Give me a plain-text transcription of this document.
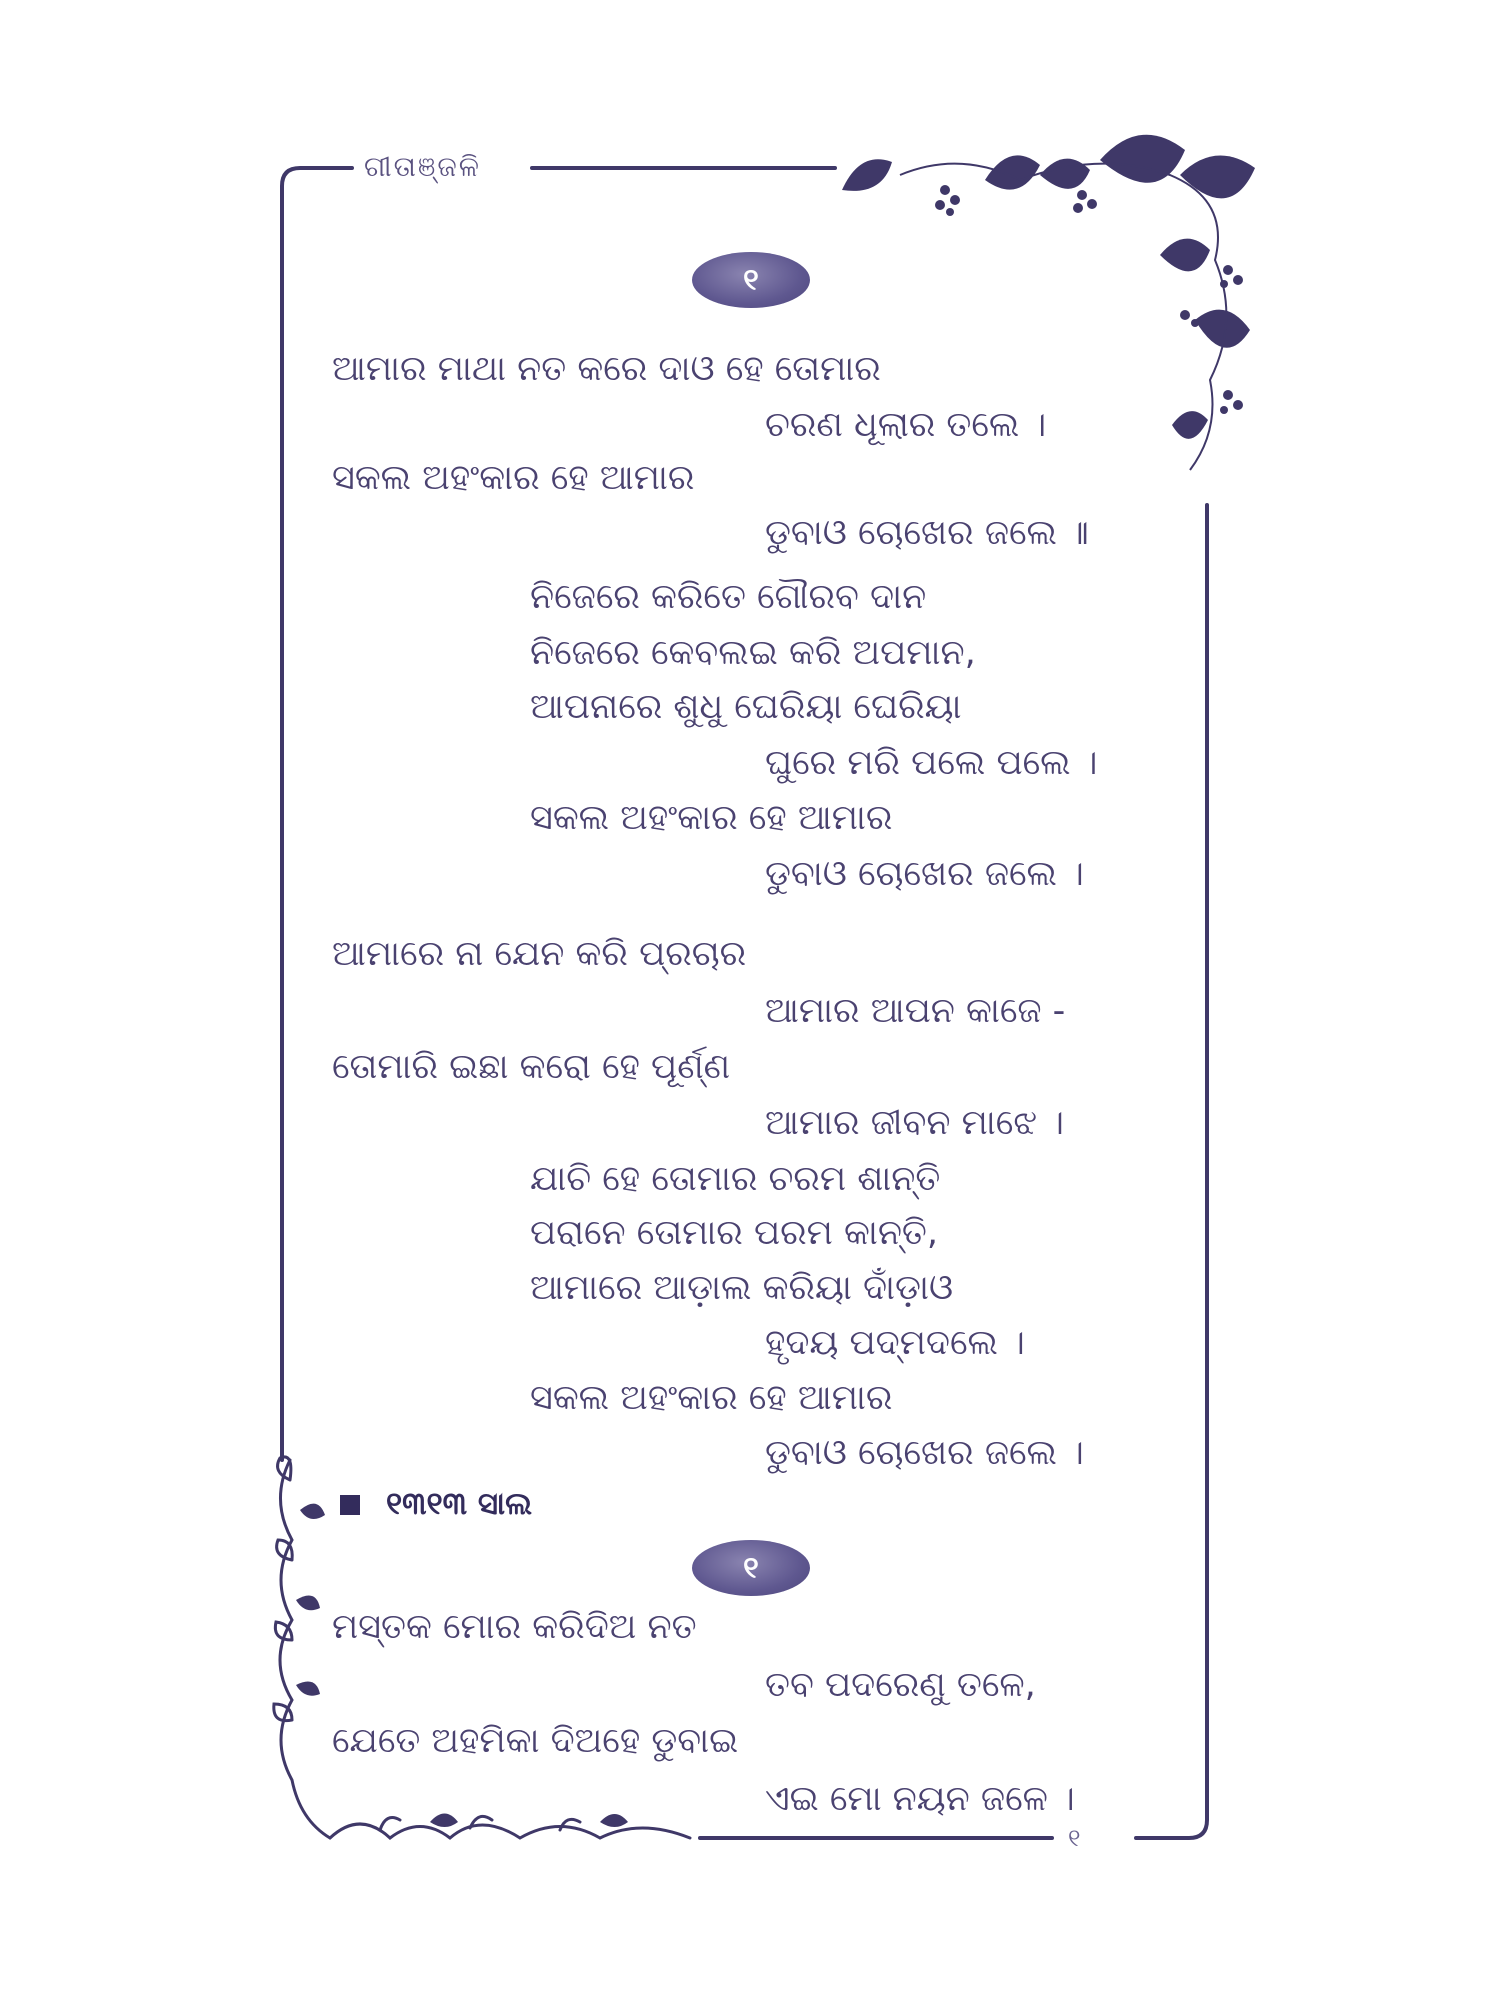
ଗୀତାଞ୍ଜଳି
୧
ଆମାର ମାଥା ନତ କରେ ଦାଓ ହେ ତୋମାର
ଚରଣ ଧୂଲାର ତଲେ ।
ସକଲ ଅହଂକାର ହେ ଆମାର
ଡୁବାଓ ଚୋଖେର ଜଲେ ॥
ନିଜେରେ କରିତେ ଗୌରବ ଦାନ
ନିଜେରେ କେବଲଇ କରି ଅପମାନ,
ଆପନାରେ ଶୁଧୁ ଘେରିୟା ଘେରିୟା
ଘୁରେ ମରି ପଲେ ପଲେ ।
ସକଲ ଅହଂକାର ହେ ଆମାର
ଡୁବାଓ ଚୋଖେର ଜଲେ ।
ଆମାରେ ନା ଯେନ କରି ପ୍ରଚାର
ଆମାର ଆପନ କାଜେ -
ତୋମାରି ଇଛା କରୋ ହେ ପୂର୍ଣ୍ଣ
ଆମାର ଜୀବନ ମାଝେ ।
ଯାଚି ହେ ତୋମାର ଚରମ ଶାନ୍ତି
ପରାନେ ତୋମାର ପରମ କାନ୍ତି,
ଆମାରେ ଆଡ଼ାଲ କରିୟା ଦାଁଡ଼ାଓ
ହୃଦୟ ପଦ୍ମଦଲେ ।
ସକଲ ଅହଂକାର ହେ ଆମାର
ଡୁବାଓ ଚୋଖେର ଜଲେ ।
୧୩୧୩ ସାଲ
୧
ମସ୍ତକ ମୋର କରିଦିଅ ନତ
ତବ ପଦରେଣୁ ତଳେ,
ଯେତେ ଅହମିକା ଦିଅହେ ଡୁବାଇ
ଏଇ ମୋ ନୟନ ଜଳେ ।
୧
